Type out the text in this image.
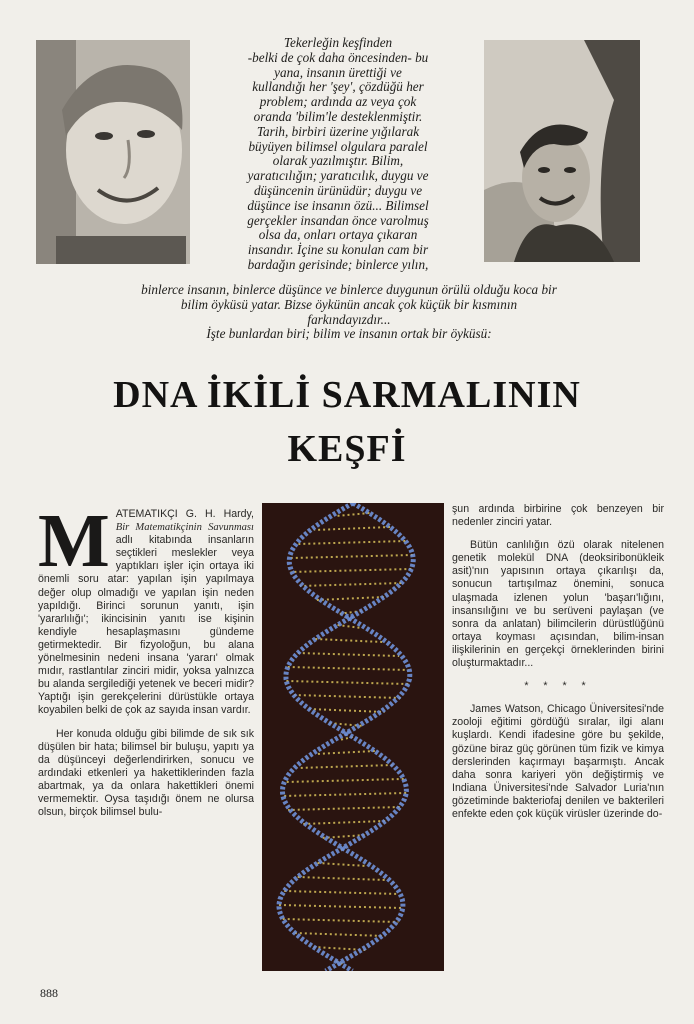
Tekerleğin keşfinden
-belki de çok daha öncesinden- bu
yana, insanın ürettiği ve
kullandığı her 'şey', çözdüğü her
problem; ardında az veya çok
oranda 'bilim'le desteklenmiştir.
Tarih, birbiri üzerine yığılarak
büyüyen bilimsel olgulara paralel
olarak yazılmıştır. Bilim,
yaratıcılığın; yaratıcılık, duygu ve
düşüncenin ürünüdür; duygu ve
düşünce ise insanın özü... Bilimsel
gerçekler insandan önce varolmuş
olsa da, onları ortaya çıkaran
insandır. İçine su konulan cam bir
bardağın gerisinde; binlerce yılın,
binlerce insanın, binlerce düşünce ve binlerce duygunun örülü olduğu koca bir
bilim öyküsü yatar. Bizse öykünün ancak çok küçük bir kısmının
farkındayızdır...
İşte bunlardan biri; bilim ve insanın ortak bir öyküsü:
DNA İKİLİ SARMALININ
KEŞFİ

MATEMATIKÇI G. H. Hardy, Bir Matematikçinin Savunması adlı kitabında insanların seçtikleri meslekler veya yaptıkları işler için ortaya iki önemli soru atar: yapılan işin yapılmaya değer olup olmadığı ve yapılan işin neden yapıldığı. Birinci sorunun yanıtı, işin 'yararlılığı'; ikincisinin yanıtı ise kişinin kendiyle hesaplaşmasını gündeme getirmektedir. Bir fizyoloğun, bu alana yönelmesinin nedeni insana 'yararı' olmak mıdır, rastlantılar zinciri midir, yoksa yalnızca bu alanda sergilediği yetenek ve beceri midir? Yaptığı işin gerekçelerini dürüstükle ortaya koyabilen belki de çok az sayıda insan vardır.

Her konuda olduğu gibi bilimde de sık sık düşülen bir hata; bilimsel bir buluşu, yapıtı ya da düşünceyi değerlendirirken, sonucu ve ardındaki etkenleri ya hakettiklerinden fazla abartmak, ya da onlara hakettikleri önemi vermemektir. Oysa taşıdığı önem ne olursa olsun, birçok bilimsel bulu-

şun ardında birbirine çok benzeyen bir nedenler zinciri yatar.

Bütün canlılığın özü olarak nitelenen genetik molekül DNA (deoksiribonükleik asit)'nın yapısının ortaya çıkarılışı da, sonucun tartışılmaz önemini, sonuca ulaşmada izlenen yolun 'başarı'lığını, insansılığını ve bu serüveni paylaşan (ve sonra da anlatan) bilimcilerin dürüstlüğünü ortaya koyması açısından, bilim-insan ilişkilerinin en gerçekçi örneklerinden birini oluşturmaktadır...

* * * *

James Watson, Chicago Üniversitesi'nde zooloji eğitimi gördüğü sıralar, ilgi alanı kuşlardı. Kendi ifadesine göre bu şekilde, gözüne biraz güç görünen tüm fizik ve kimya derslerinden kaçırmayı başarmıştı. Ancak daha sonra kariyeri yön değiştirmiş ve Indiana Üniversitesi'nde Salvador Luria'nın gözetiminde bakteriofaj denilen ve bakterileri enfekte eden çok küçük virüsler üzerinde do-

888
